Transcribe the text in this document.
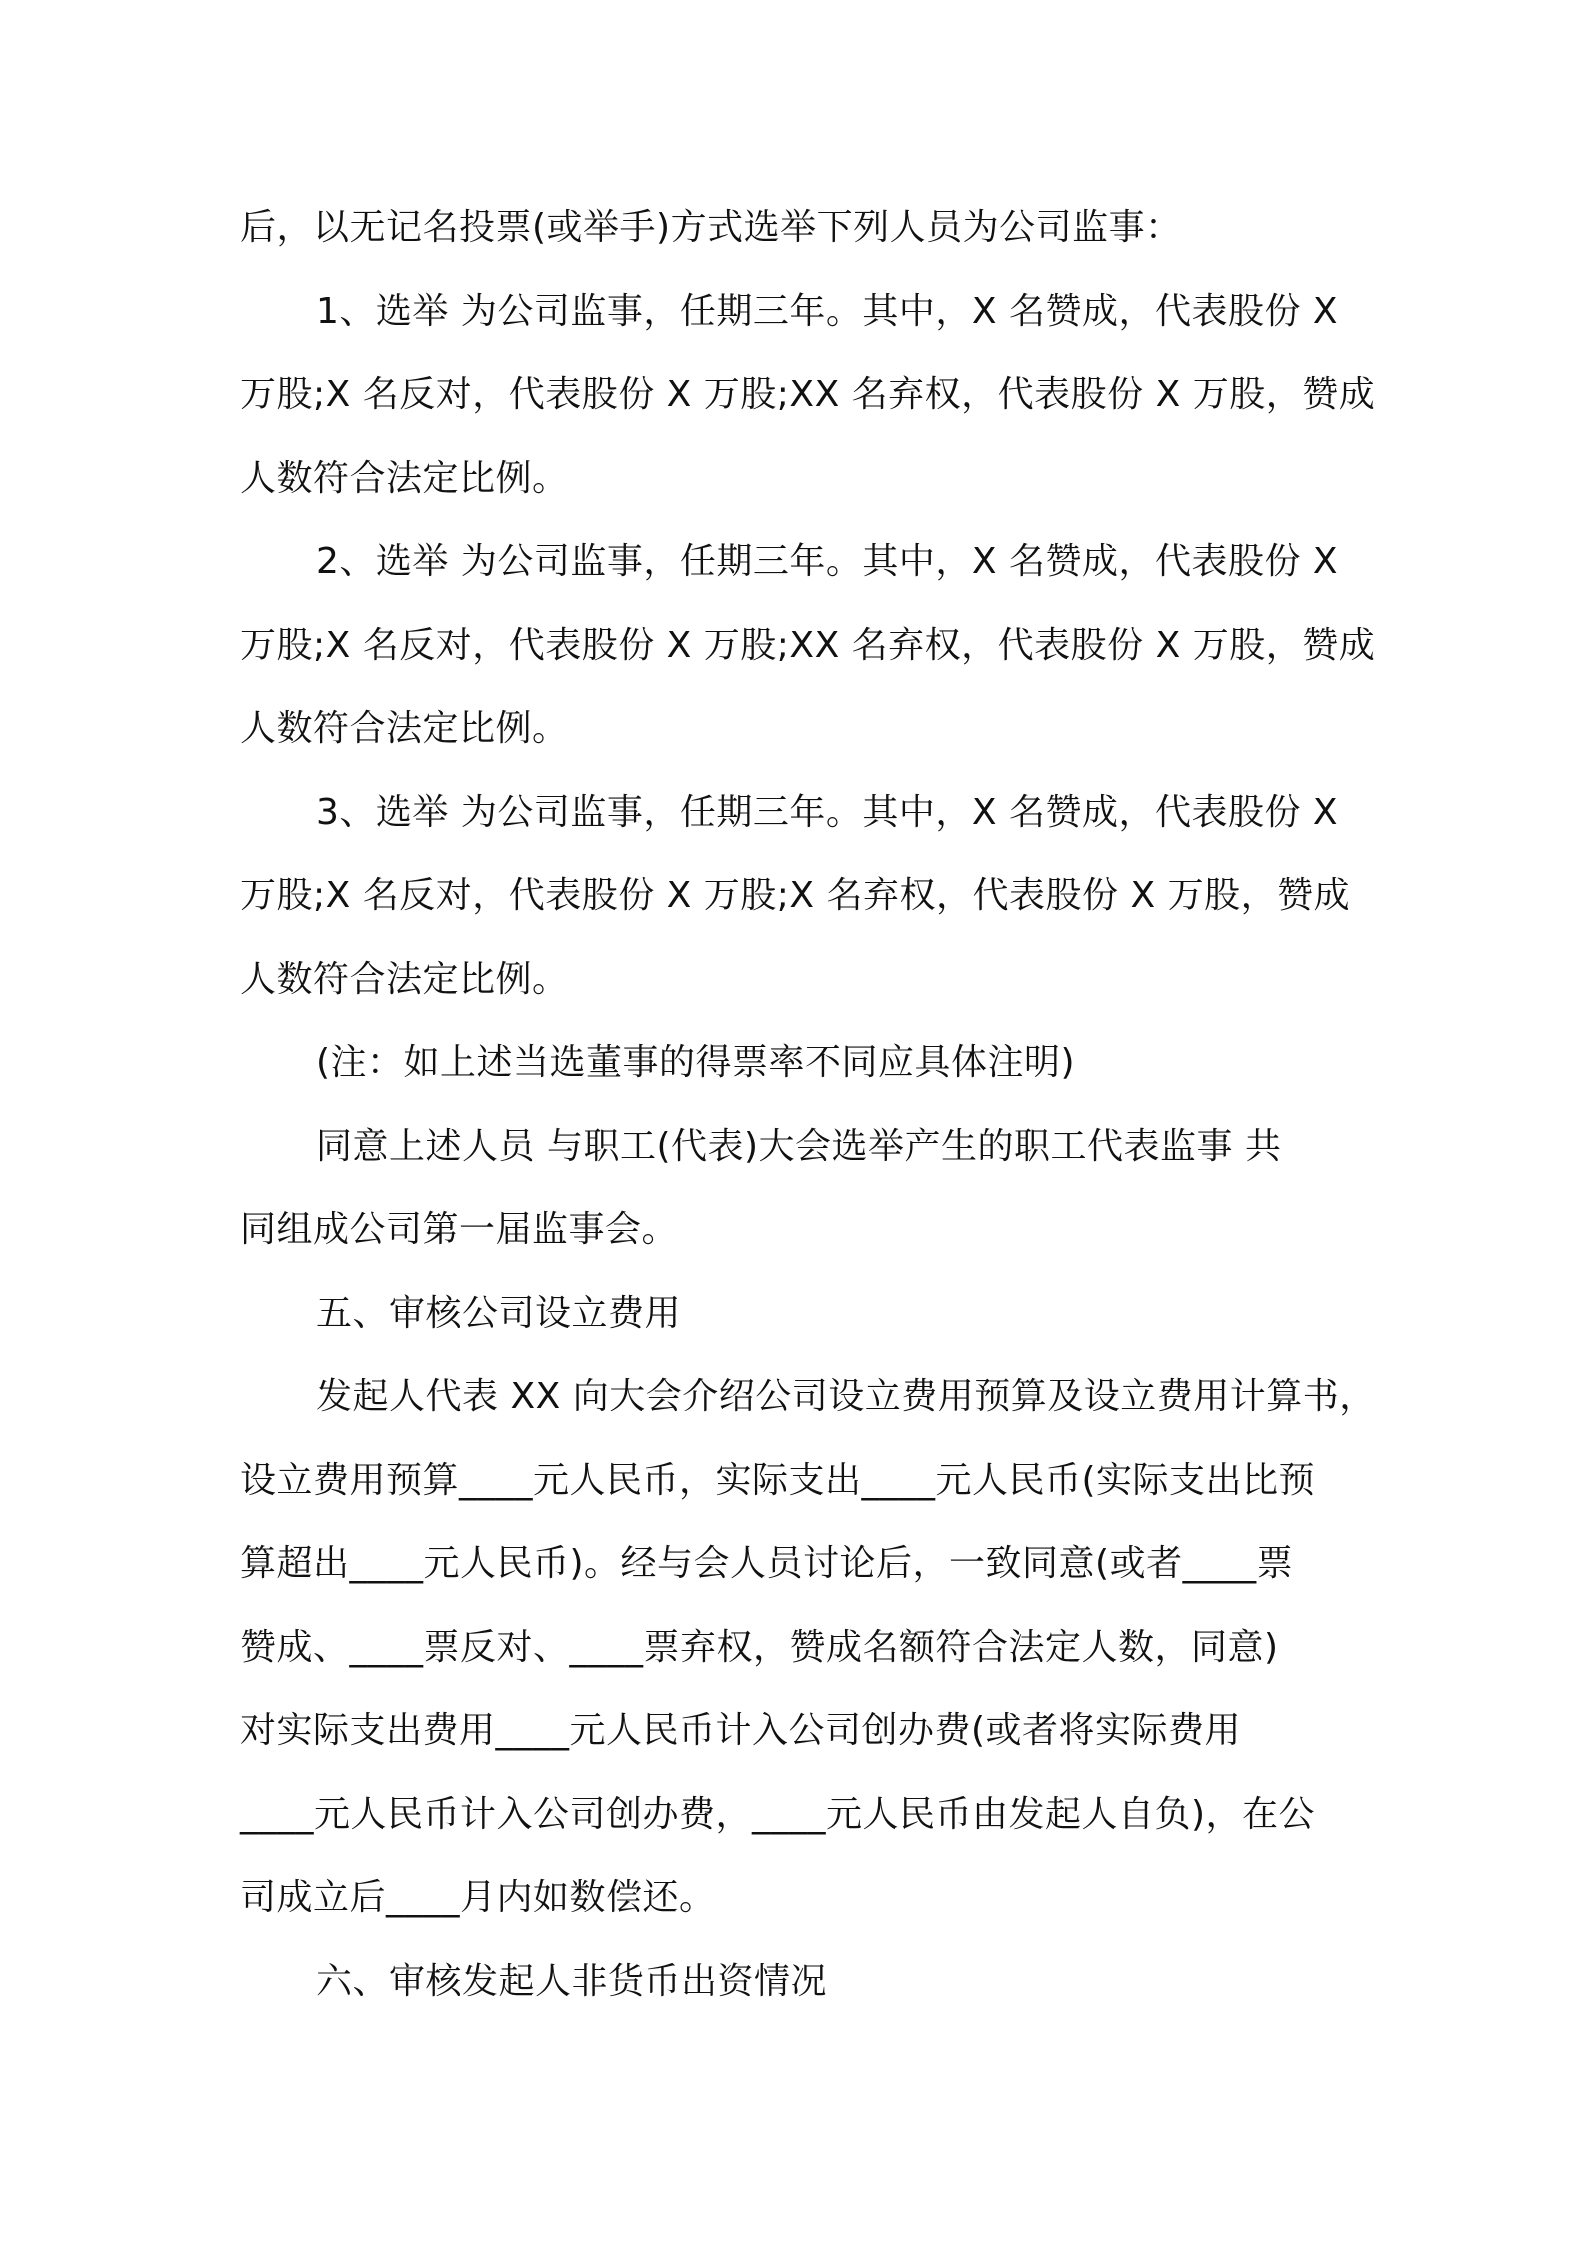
后，以无记名投票(或举手)方式选举下列人员为公司监事：
1、选举 为公司监事，任期三年。其中，X 名赞成，代表股份 X
万股;X 名反对，代表股份 X 万股;XX 名弃权，代表股份 X 万股，赞成
人数符合法定比例。
2、选举 为公司监事，任期三年。其中，X 名赞成，代表股份 X
万股;X 名反对，代表股份 X 万股;XX 名弃权，代表股份 X 万股，赞成
人数符合法定比例。
3、选举 为公司监事，任期三年。其中，X 名赞成，代表股份 X
万股;X 名反对，代表股份 X 万股;X 名弃权，代表股份 X 万股，赞成
人数符合法定比例。
(注：如上述当选董事的得票率不同应具体注明)
同意上述人员 与职工(代表)大会选举产生的职工代表监事 共
同组成公司第一届监事会。
五、审核公司设立费用
发起人代表 XX 向大会介绍公司设立费用预算及设立费用计算书，
设立费用预算____元人民币，实际支出____元人民币(实际支出比预
算超出____元人民币)。经与会人员讨论后，一致同意(或者____票
赞成、____票反对、____票弃权，赞成名额符合法定人数，同意)
对实际支出费用____元人民币计入公司创办费(或者将实际费用
____元人民币计入公司创办费，____元人民币由发起人自负)，在公
司成立后____月内如数偿还。
六、审核发起人非货币出资情况
